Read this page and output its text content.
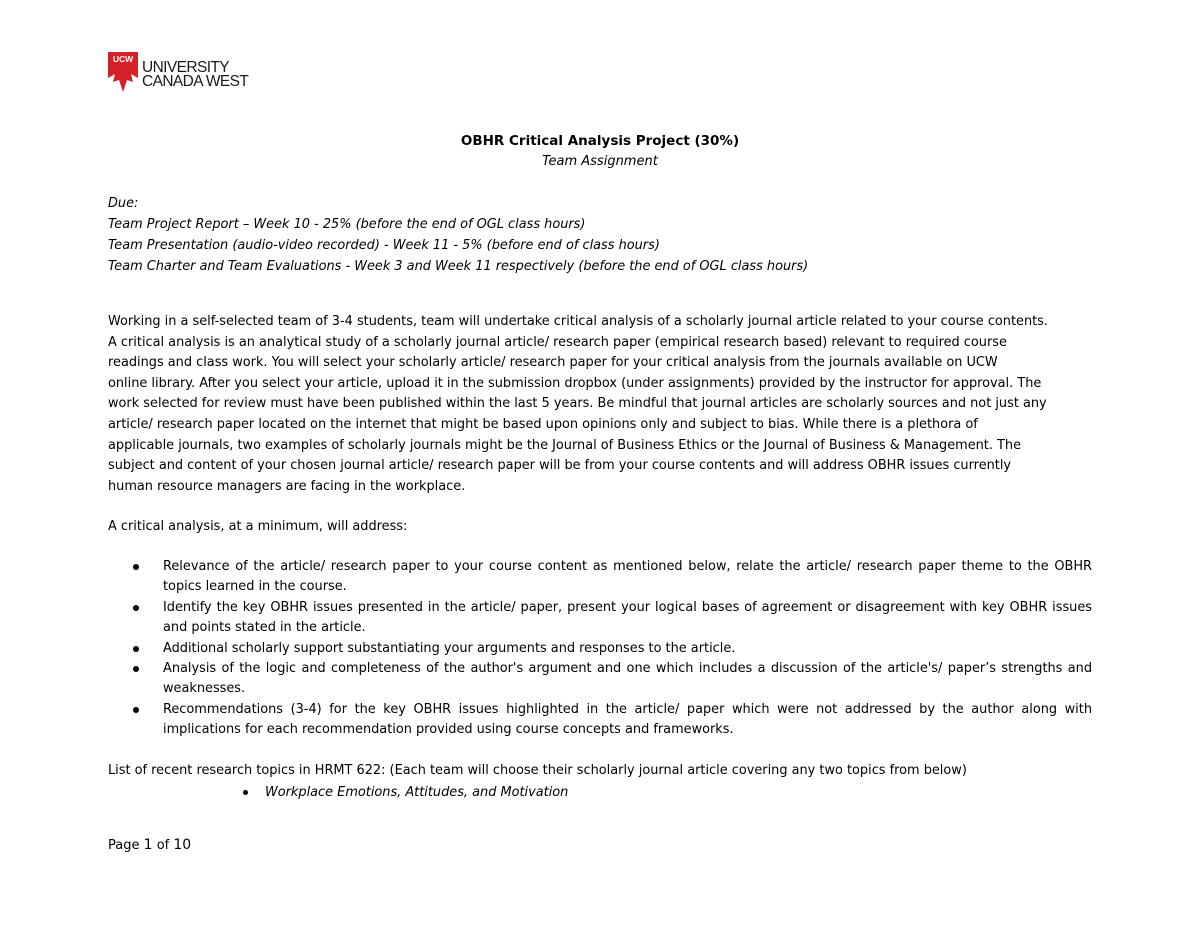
UCW UNIVERSITY
CANADA WEST
OBHR Critical Analysis Project (30%)
Team Assignment
Due:
Team Project Report – Week 10 - 25% (before the end of OGL class hours)
Team Presentation (audio-video recorded) - Week 11 - 5% (before end of class hours)
Team Charter and Team Evaluations - Week 3 and Week 11 respectively (before the end of OGL class hours)
Working in a self-selected team of 3-4 students, team will undertake critical analysis of a scholarly journal article related to your course contents.
A critical analysis is an analytical study of a scholarly journal article/ research paper (empirical research based) relevant to required course
readings and class work. You will select your scholarly article/ research paper for your critical analysis from the journals available on UCW
online library. After you select your article, upload it in the submission dropbox (under assignments) provided by the instructor for approval. The
work selected for review must have been published within the last 5 years. Be mindful that journal articles are scholarly sources and not just any
article/ research paper located on the internet that might be based upon opinions only and subject to bias. While there is a plethora of
applicable journals, two examples of scholarly journals might be the Journal of Business Ethics or the Journal of Business & Management. The
subject and content of your chosen journal article/ research paper will be from your course contents and will address OBHR issues currently
human resource managers are facing in the workplace.
A critical analysis, at a minimum, will address:
Relevance of the article/ research paper to your course content as mentioned below, relate the article/ research paper theme to the OBHR topics learned in the course.
Identify the key OBHR issues presented in the article/ paper, present your logical bases of agreement or disagreement with key OBHR issues and points stated in the article.
Additional scholarly support substantiating your arguments and responses to the article.
Analysis of the logic and completeness of the author's argument and one which includes a discussion of the article's/ paper’s strengths and weaknesses.
Recommendations (3-4) for the key OBHR issues highlighted in the article/ paper which were not addressed by the author along with implications for each recommendation provided using course concepts and frameworks.
List of recent research topics in HRMT 622: (Each team will choose their scholarly journal article covering any two topics from below)
Workplace Emotions, Attitudes, and Motivation
Page 1 of 10
